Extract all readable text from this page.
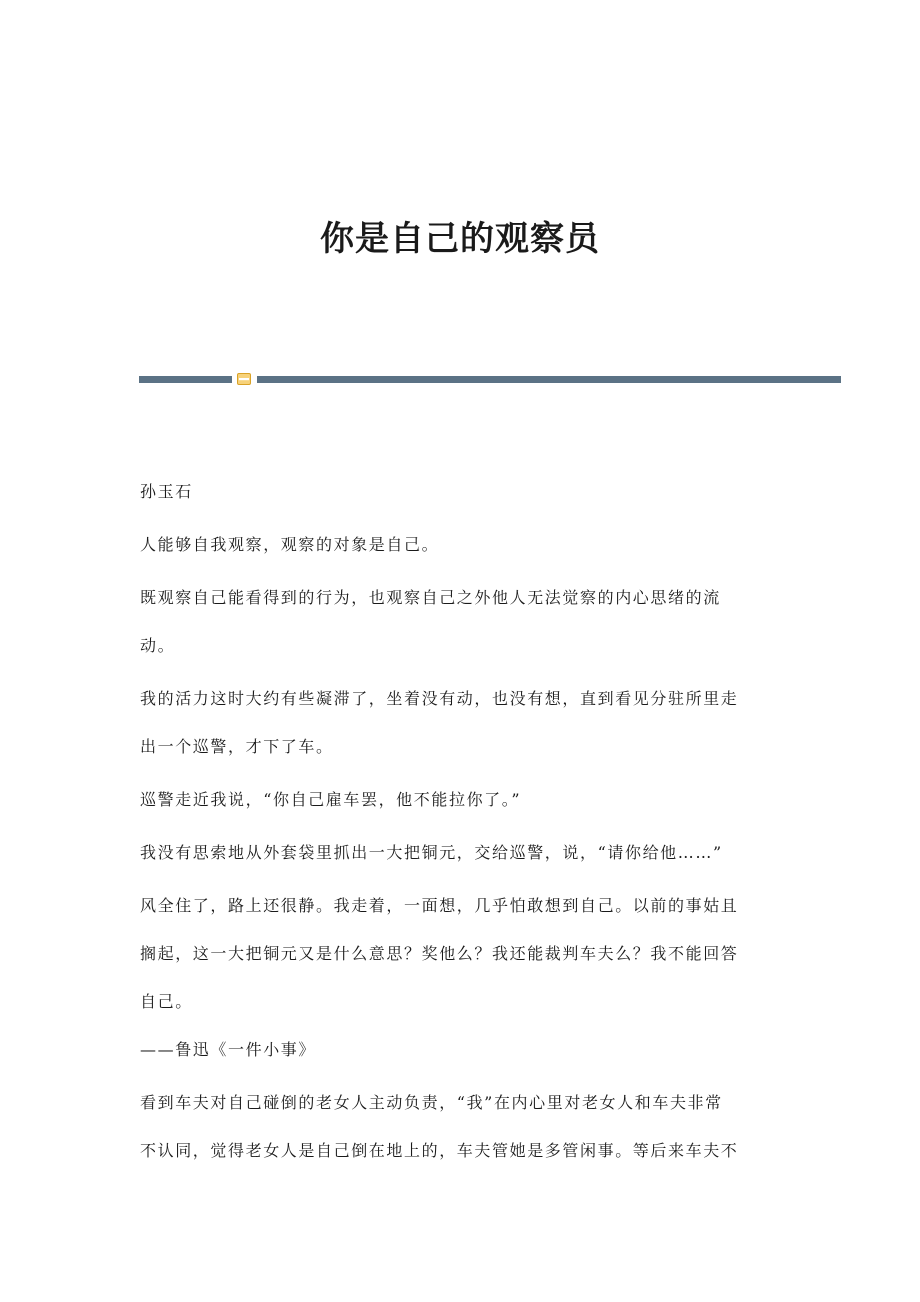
你是自己的观察员

孙玉石

人能够自我观察，观察的对象是自己。

既观察自己能看得到的行为，也观察自己之外他人无法觉察的内心思绪的流

动。

我的活力这时大约有些凝滞了，坐着没有动，也没有想，直到看见分驻所里走

出一个巡警，才下了车。

巡警走近我说，“你自己雇车罢，他不能拉你了。”

我没有思索地从外套袋里抓出一大把铜元，交给巡警，说，“请你给他……”

风全住了，路上还很静。我走着，一面想，几乎怕敢想到自己。以前的事姑且

搁起，这一大把铜元又是什么意思？奖他么？我还能裁判车夫么？我不能回答

自己。

——鲁迅《一件小事》

看到车夫对自己碰倒的老女人主动负责，“我”在内心里对老女人和车夫非常

不认同，觉得老女人是自己倒在地上的，车夫管她是多管闲事。等后来车夫不
